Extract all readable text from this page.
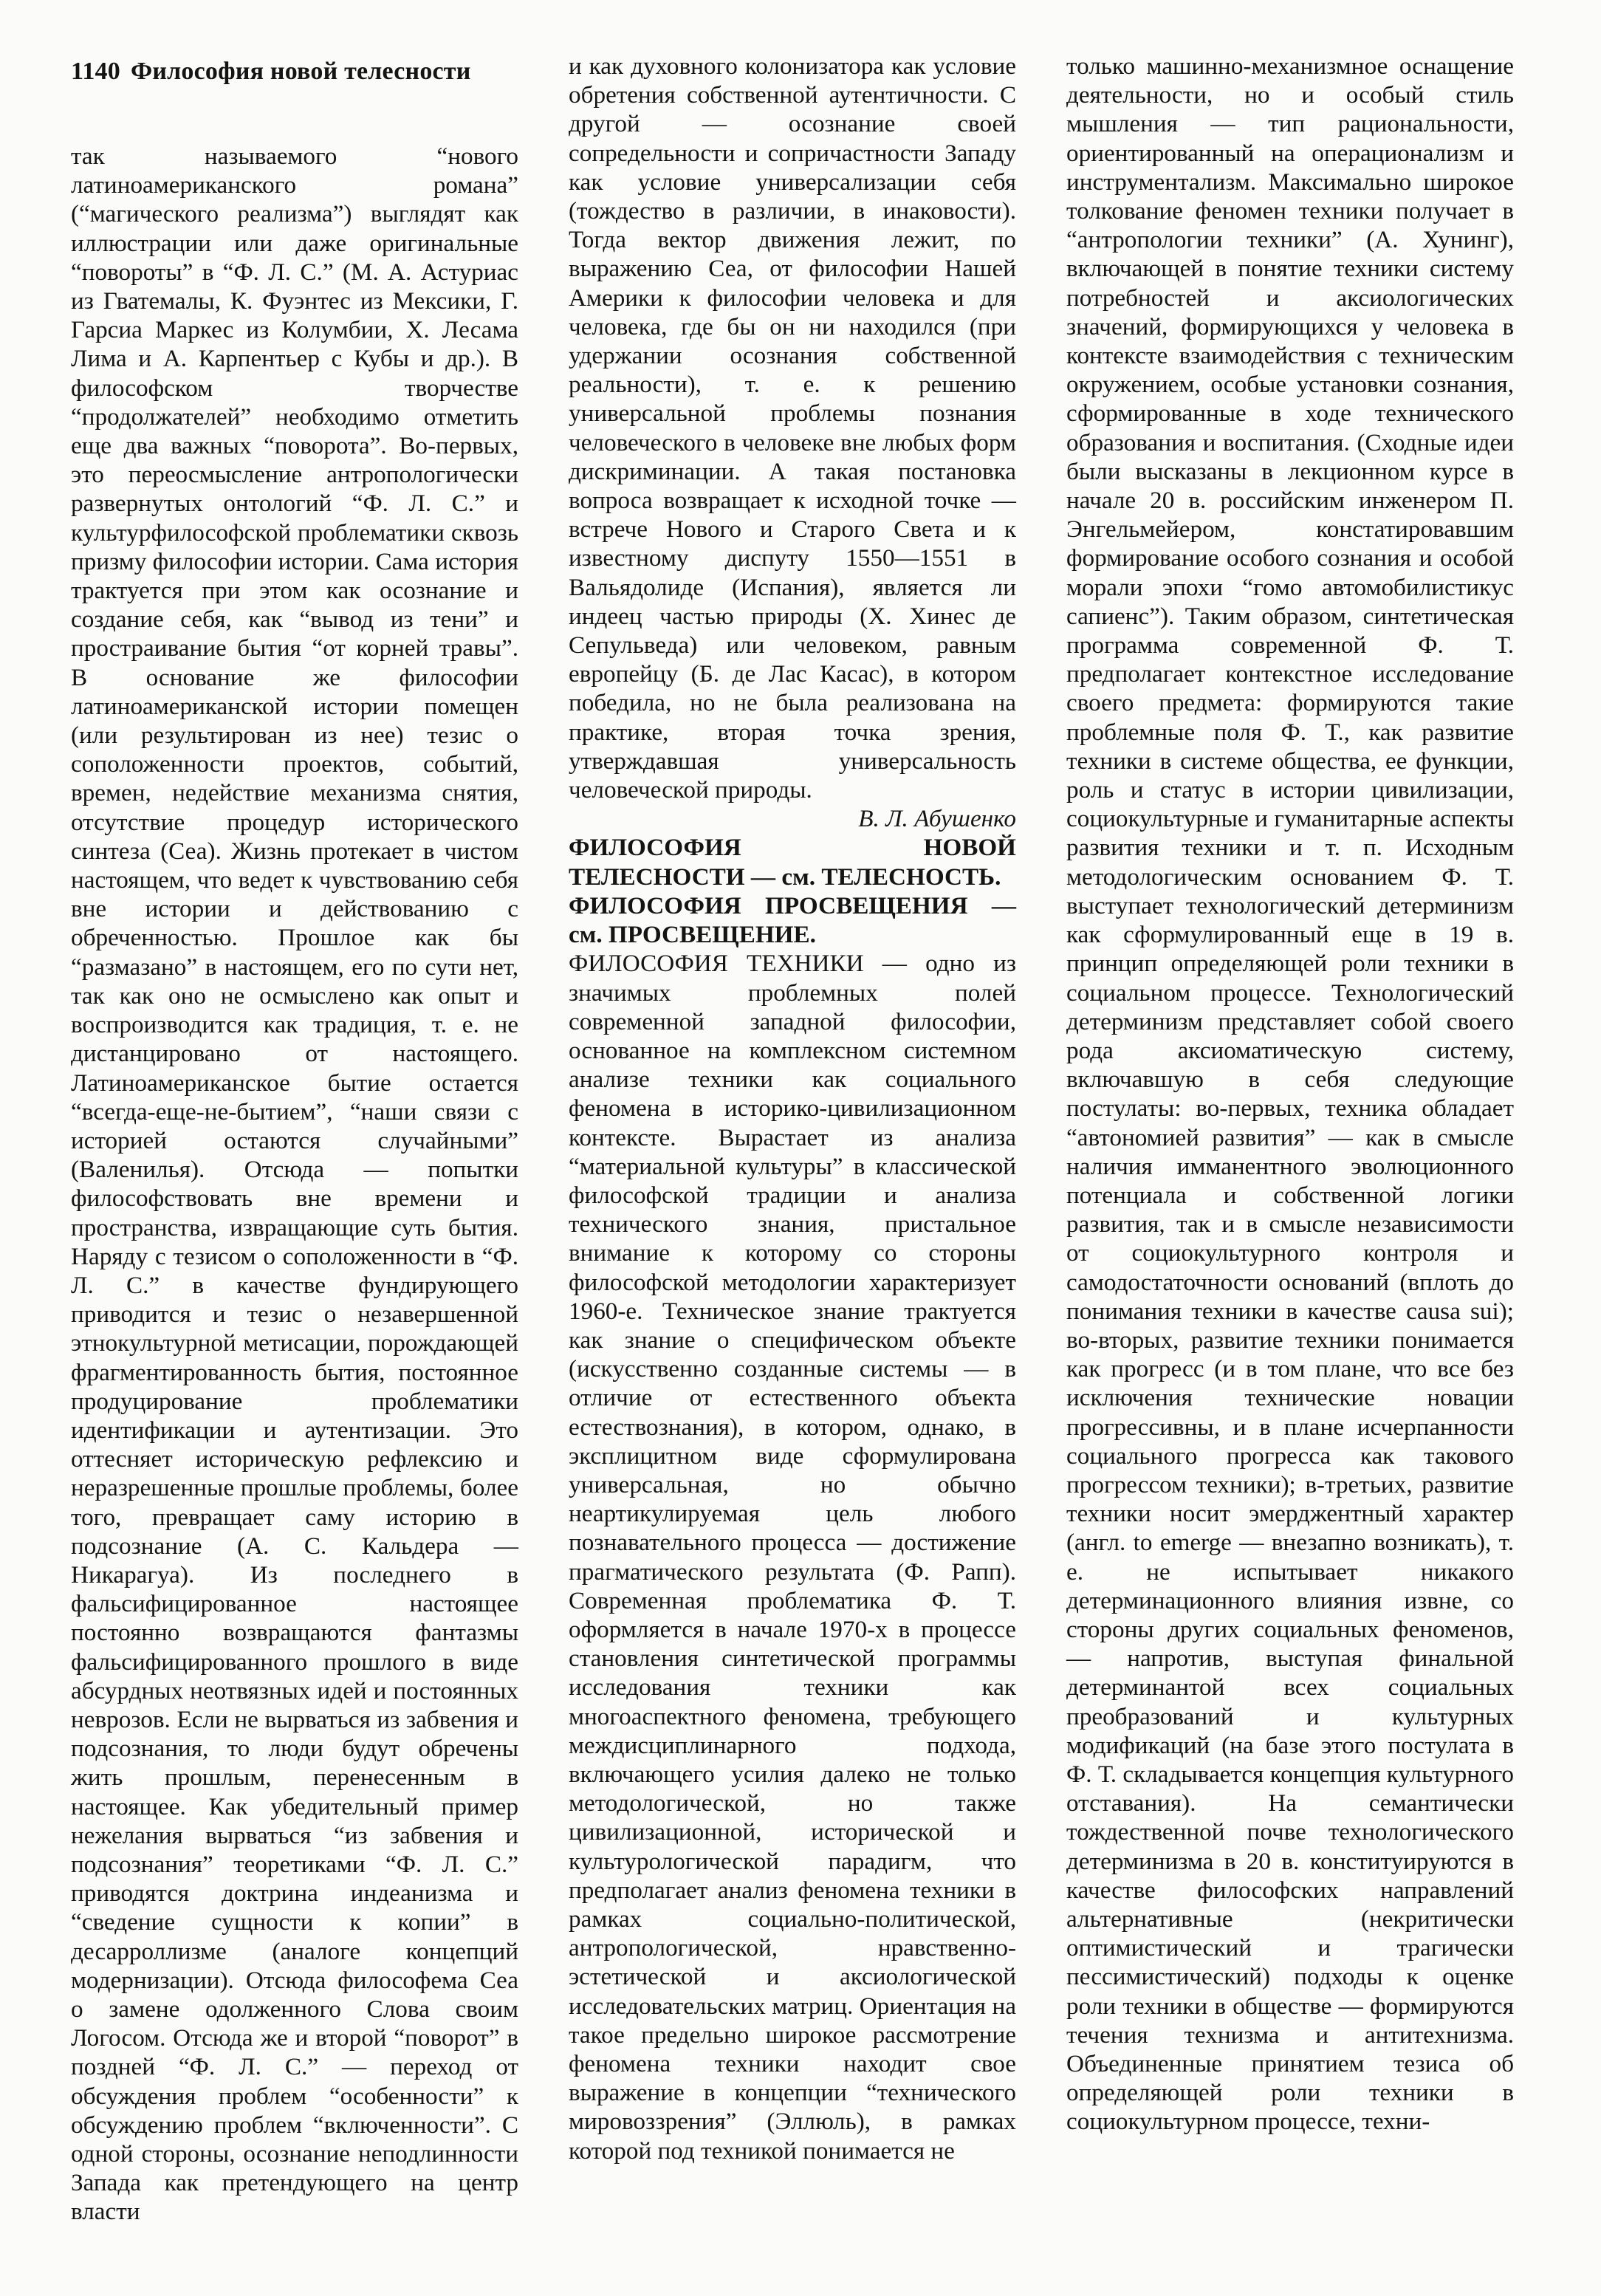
1140 Философия новой телесности

так называемого “нового латиноамериканского романа” (“магического реализма”) выглядят как иллюстрации или даже оригинальные “повороты” в “Ф. Л. С.” (М. А. Астуриас из Гватемалы, К. Фуэнтес из Мексики, Г. Гарсиа Маркес из Колумбии, Х. Лесама Лима и А. Карпентьер с Кубы и др.). В философском творчестве “продолжателей” необходимо отметить еще два важных “поворота”. Во-первых, это переосмысление антропологически развернутых онтологий “Ф. Л. С.” и культурфилософской проблематики сквозь призму философии истории. Сама история трактуется при этом как осознание и создание себя, как “вывод из тени” и простраивание бытия “от корней травы”. В основание же философии латиноамериканской истории помещен (или результирован из нее) тезис о соположенности проектов, событий, времен, недействие механизма снятия, отсутствие процедур исторического синтеза (Сеа). Жизнь протекает в чистом настоящем, что ведет к чувствованию себя вне истории и действованию с обреченностью. Прошлое как бы “размазано” в настоящем, его по сути нет, так как оно не осмыслено как опыт и воспроизводится как традиция, т. е. не дистанцировано от настоящего. Латиноамериканское бытие остается “всегда-еще-не-бытием”, “наши связи с историей остаются случайными” (Валенилья). Отсюда — попытки философствовать вне времени и пространства, извращающие суть бытия. Наряду с тезисом о соположенности в “Ф. Л. С.” в качестве фундирующего приводится и тезис о незавершенной этнокультурной метисации, порождающей фрагментированность бытия, постоянное продуцирование проблематики идентификации и аутентизации. Это оттесняет историческую рефлексию и неразрешенные прошлые проблемы, более того, превращает саму историю в подсознание (А. С. Кальдера — Никарагуа). Из последнего в фальсифицированное настоящее постоянно возвращаются фантазмы фальсифицированного прошлого в виде абсурдных неотвязных идей и постоянных неврозов. Если не вырваться из забвения и подсознания, то люди будут обречены жить прошлым, перенесенным в настоящее. Как убедительный пример нежелания вырваться “из забвения и подсознания” теоретиками “Ф. Л. С.” приводятся доктрина индеанизма и “сведение сущности к копии” в десарроллизме (аналоге концепций модернизации). Отсюда философема Сеа о замене одолженного Слова своим Логосом. Отсюда же и второй “поворот” в поздней “Ф. Л. С.” — переход от обсуждения проблем “особенности” к обсуждению проблем “включенности”. С одной стороны, осознание неподлинности Запада как претендующего на центр власти

и как духовного колонизатора как условие обретения собственной аутентичности. С другой — осознание своей сопредельности и сопричастности Западу как условие универсализации себя (тождество в различии, в инаковости). Тогда вектор движения лежит, по выражению Сеа, от философии Нашей Америки к философии человека и для человека, где бы он ни находился (при удержании осознания собственной реальности), т. е. к решению универсальной проблемы познания человеческого в человеке вне любых форм дискриминации. А такая постановка вопроса возвращает к исходной точке — встрече Нового и Старого Света и к известному диспуту 1550—1551 в Вальядолиде (Испания), является ли индеец частью природы (Х. Хинес де Сепульведа) или человеком, равным европейцу (Б. де Лас Касас), в котором победила, но не была реализована на практике, вторая точка зрения, утверждавшая универсальность человеческой природы.

В. Л. Абушенко

ФИЛОСОФИЯ НОВОЙ ТЕЛЕСНОСТИ — см. ТЕЛЕСНОСТЬ.

ФИЛОСОФИЯ ПРОСВЕЩЕНИЯ — см. ПРОСВЕЩЕНИЕ.

ФИЛОСОФИЯ ТЕХНИКИ — одно из значимых проблемных полей современной западной философии, основанное на комплексном системном анализе техники как социального феномена в историко-цивилизационном контексте. Вырастает из анализа “материальной культуры” в классической философской традиции и анализа технического знания, пристальное внимание к которому со стороны философской методологии характеризует 1960-е. Техническое знание трактуется как знание о специфическом объекте (искусственно созданные системы — в отличие от естественного объекта естествознания), в котором, однако, в эксплицитном виде сформулирована универсальная, но обычно неартикулируемая цель любого познавательного процесса — достижение прагматического результата (Ф. Рапп). Современная проблематика Ф. Т. оформляется в начале 1970-х в процессе становления синтетической программы исследования техники как многоаспектного феномена, требующего междисциплинарного подхода, включающего усилия далеко не только методологической, но также цивилизационной, исторической и культурологической парадигм, что предполагает анализ феномена техники в рамках социально-политической, антропологической, нравственно-эстетической и аксиологической исследовательских матриц. Ориентация на такое предельно широкое рассмотрение феномена техники находит свое выражение в концепции “технического мировоззрения” (Эллюль), в рамках которой под техникой понимается не

только машинно-механизмное оснащение деятельности, но и особый стиль мышления — тип рациональности, ориентированный на операционализм и инструментализм. Максимально широкое толкование феномен техники получает в “антропологии техники” (А. Хунинг), включающей в понятие техники систему потребностей и аксиологических значений, формирующихся у человека в контексте взаимодействия с техническим окружением, особые установки сознания, сформированные в ходе технического образования и воспитания. (Сходные идеи были высказаны в лекционном курсе в начале 20 в. российским инженером П. Энгельмейером, констатировавшим формирование особого сознания и особой морали эпохи “гомо автомобилистикус сапиенс”). Таким образом, синтетическая программа современной Ф. Т. предполагает контекстное исследование своего предмета: формируются такие проблемные поля Ф. Т., как развитие техники в системе общества, ее функции, роль и статус в истории цивилизации, социокультурные и гуманитарные аспекты развития техники и т. п. Исходным методологическим основанием Ф. Т. выступает технологический детерминизм как сформулированный еще в 19 в. принцип определяющей роли техники в социальном процессе. Технологический детерминизм представляет собой своего рода аксиоматическую систему, включавшую в себя следующие постулаты: во-первых, техника обладает “автономией развития” — как в смысле наличия имманентного эволюционного потенциала и собственной логики развития, так и в смысле независимости от социокультурного контроля и самодостаточности оснований (вплоть до понимания техники в качестве causa sui); во-вторых, развитие техники понимается как прогресс (и в том плане, что все без исключения технические новации прогрессивны, и в плане исчерпанности социального прогресса как такового прогрессом техники); в-третьих, развитие техники носит эмерджентный характер (англ. to emerge — внезапно возникать), т. е. не испытывает никакого детерминационного влияния извне, со стороны других социальных феноменов, — напротив, выступая финальной детерминантой всех социальных преобразований и культурных модификаций (на базе этого постулата в Ф. Т. складывается концепция культурного отставания). На семантически тождественной почве технологического детерминизма в 20 в. конституируются в качестве философских направлений альтернативные (некритически оптимистический и трагически пессимистический) подходы к оценке роли техники в обществе — формируются течения технизма и антитехнизма. Объединенные принятием тезиса об определяющей роли техники в социокультурном процессе, техни-
